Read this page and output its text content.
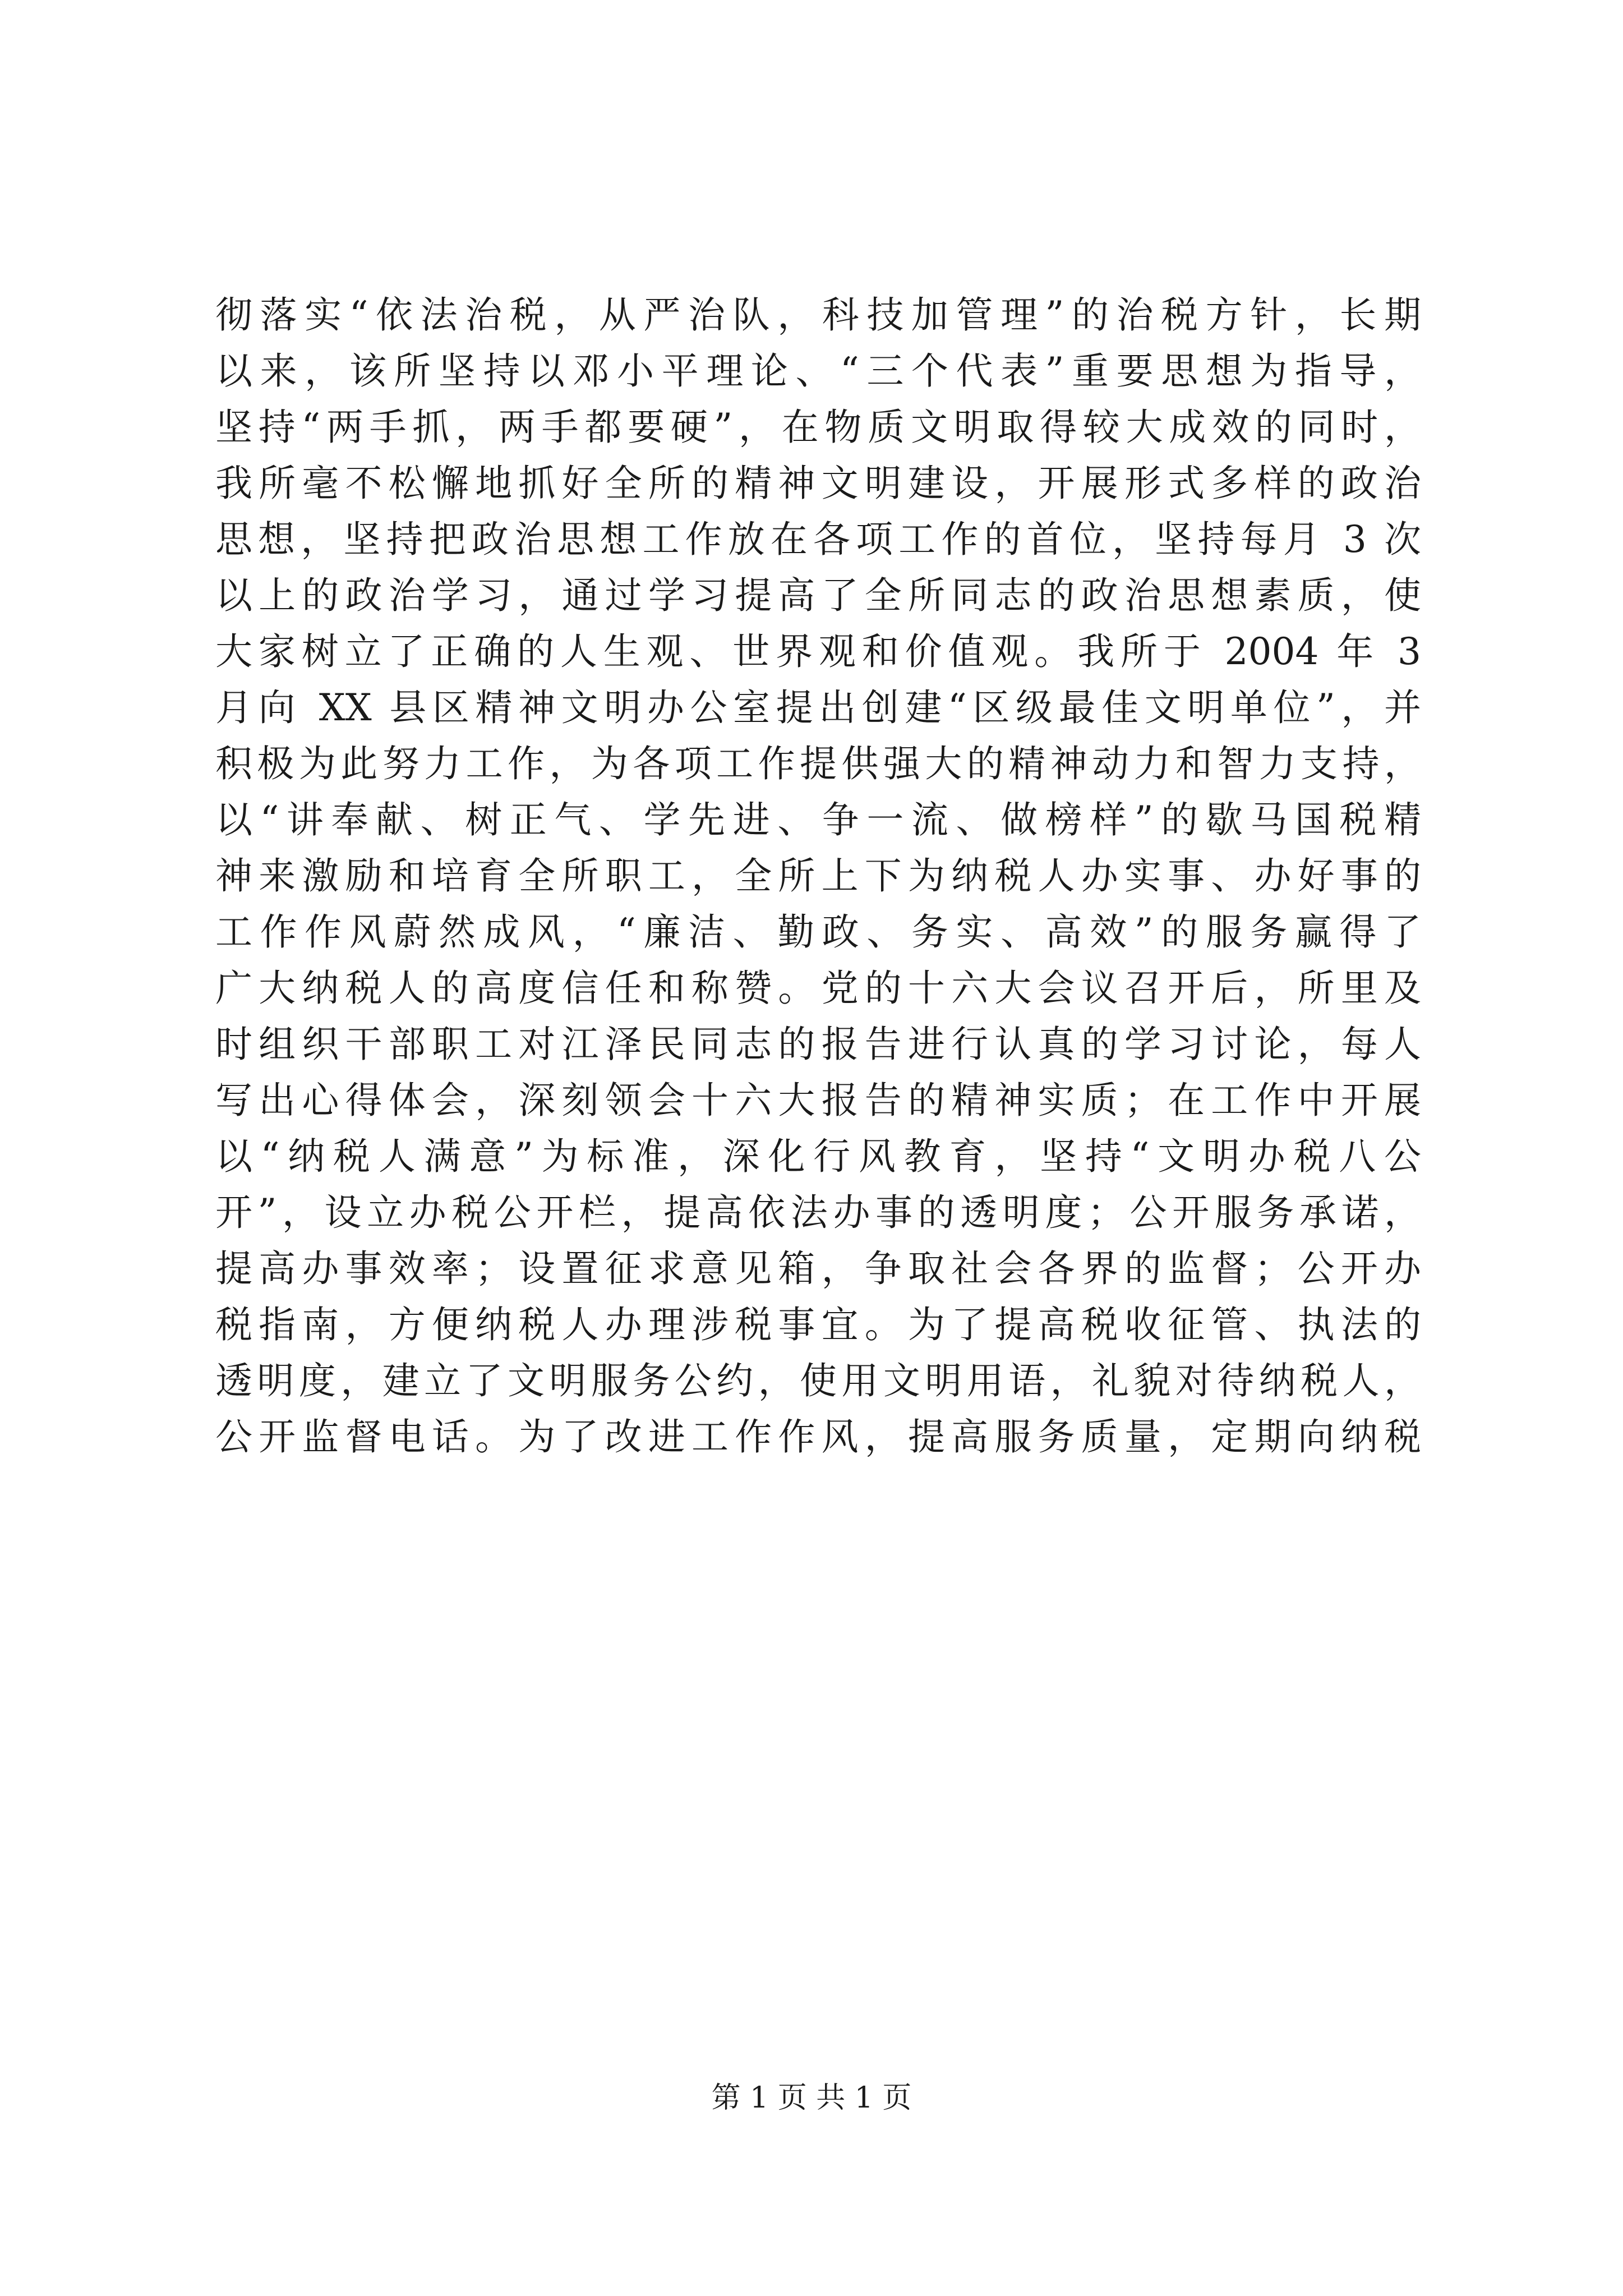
彻落实“依法治税，从严治队，科技加管理”的治税方针，长期
以来，该所坚持以邓小平理论、“三个代表”重要思想为指导，
坚持“两手抓，两手都要硬”，在物质文明取得较大成效的同时，
我所毫不松懈地抓好全所的精神文明建设，开展形式多样的政治
思想，坚持把政治思想工作放在各项工作的首位，坚持每月 3 次
以上的政治学习，通过学习提高了全所同志的政治思想素质，使
大家树立了正确的人生观、世界观和价值观。我所于 2004 年 3
月向 XX 县区精神文明办公室提出创建“区级最佳文明单位”，并
积极为此努力工作，为各项工作提供强大的精神动力和智力支持，
以“讲奉献、树正气、学先进、争一流、做榜样”的歇马国税精
神来激励和培育全所职工，全所上下为纳税人办实事、办好事的
工作作风蔚然成风，“廉洁、勤政、务实、高效”的服务赢得了
广大纳税人的高度信任和称赞。党的十六大会议召开后，所里及
时组织干部职工对江泽民同志的报告进行认真的学习讨论，每人
写出心得体会，深刻领会十六大报告的精神实质；在工作中开展
以“纳税人满意”为标准，深化行风教育，坚持“文明办税八公
开”，设立办税公开栏，提高依法办事的透明度；公开服务承诺，
提高办事效率；设置征求意见箱，争取社会各界的监督；公开办
税指南，方便纳税人办理涉税事宜。为了提高税收征管、执法的
透明度，建立了文明服务公约，使用文明用语，礼貌对待纳税人，
公开监督电话。为了改进工作作风，提高服务质量，定期向纳税
第 1 页 共 1 页
